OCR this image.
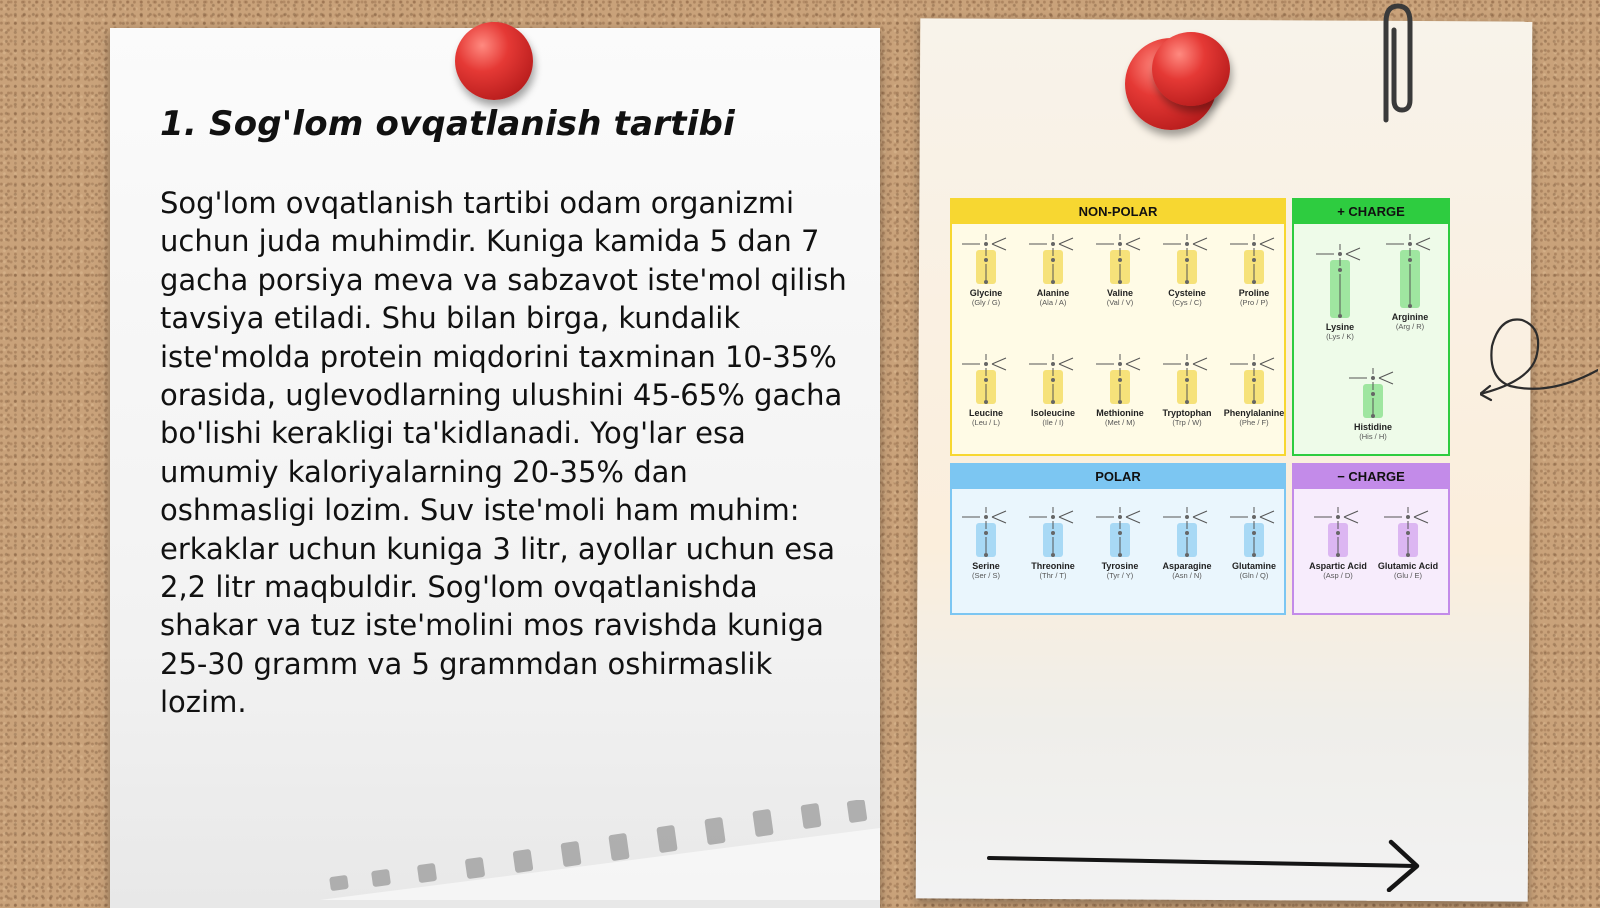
1. Sog'lom ovqatlanish tartibi

Sog'lom ovqatlanish tartibi odam organizmi uchun juda muhimdir. Kuniga kamida 5 dan 7 gacha porsiya meva va sabzavot iste'mol qilish tavsiya etiladi. Shu bilan birga, kundalik iste'molda protein miqdorini taxminan 10-35% orasida, uglevodlarning ulushini 45-65% gacha bo'lishi kerakligi ta'kidlanadi. Yog'lar esa umumiy kaloriyalarning 20-35% dan oshmasligi lozim. Suv iste'moli ham muhim: erkaklar uchun kuniga 3 litr, ayollar uchun esa 2,2 litr maqbuldir. Sog'lom ovqatlanishda shakar va tuz iste'molini mos ravishda kuniga 25-30 gramm va 5 grammdan oshirmaslik lozim.

NON-POLAR
Glycine
(Gly / G)
Alanine
(Ala / A)
Valine
(Val / V)
Cysteine
(Cys / C)
Proline
(Pro / P)
Leucine
(Leu / L)
Isoleucine
(Ile / I)
Methionine
(Met / M)
Tryptophan
(Trp / W)
Phenylalanine
(Phe / F)
+ CHARGE
Lysine
(Lys / K)
Arginine
(Arg / R)
Histidine
(His / H)
POLAR
Serine
(Ser / S)
Threonine
(Thr / T)
Tyrosine
(Tyr / Y)
Asparagine
(Asn / N)
Glutamine
(Gln / Q)
− CHARGE
Aspartic Acid
(Asp / D)
Glutamic Acid
(Glu / E)
